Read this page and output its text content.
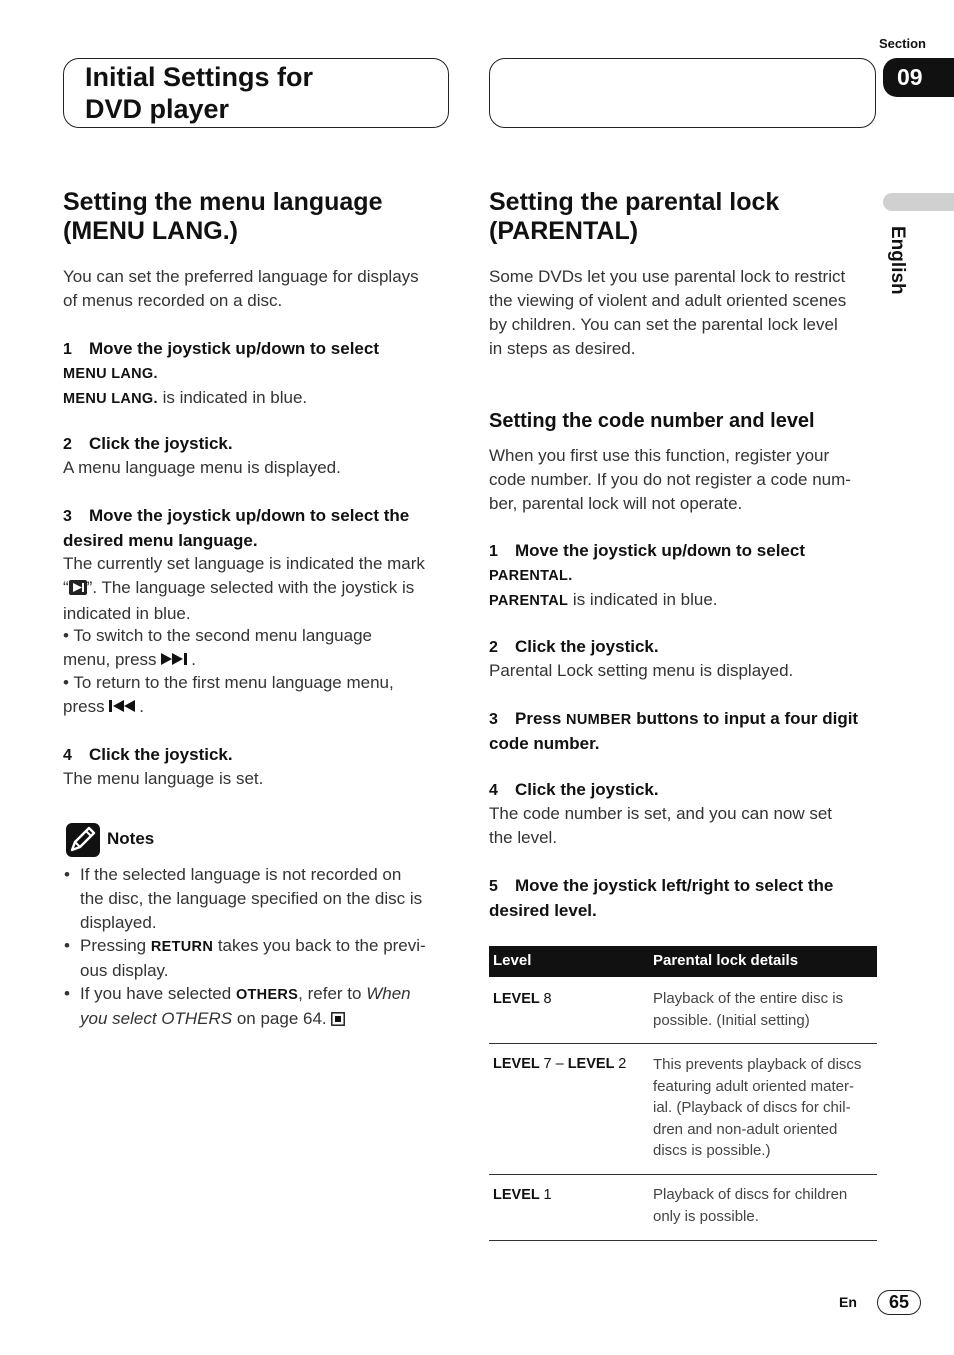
Initial Settings for
DVD player
Section
09
English
Setting the menu language
(MENU LANG.)
You can set the preferred language for displays
of menus recorded on a disc.
1 Move the joystick up/down to select
MENU LANG.
MENU LANG. is indicated in blue.
2 Click the joystick.
A menu language menu is displayed.
3 Move the joystick up/down to select the
desired menu language.
The currently set language is indicated the mark
“ ”. The language selected with the joystick is
indicated in blue.
• To switch to the second menu language
menu, press .
• To return to the first menu language menu,
press .
4 Click the joystick.
The menu language is set.
Notes
• If the selected language is not recorded on
the disc, the language specified on the disc is
displayed.
• Pressing RETURN takes you back to the previ-
ous display.
• If you have selected OTHERS, refer to When
you select OTHERS on page 64.
Setting the parental lock
(PARENTAL)
Some DVDs let you use parental lock to restrict
the viewing of violent and adult oriented scenes
by children. You can set the parental lock level
in steps as desired.
Setting the code number and level
When you first use this function, register your
code number. If you do not register a code num-
ber, parental lock will not operate.
1 Move the joystick up/down to select
PARENTAL.
PARENTAL is indicated in blue.
2 Click the joystick.
Parental Lock setting menu is displayed.
3 Press NUMBER buttons to input a four digit
code number.
4 Click the joystick.
The code number is set, and you can now set
the level.
5 Move the joystick left/right to select the
desired level.
Level	Parental lock details
LEVEL 8	Playback of the entire disc is
possible. (Initial setting)
LEVEL 7 – LEVEL 2 This prevents playback of discs
featuring adult oriented mater-
ial. (Playback of discs for chil-
dren and non-adult oriented
discs is possible.)
LEVEL 1	Playback of discs for children
only is possible.
En	65
